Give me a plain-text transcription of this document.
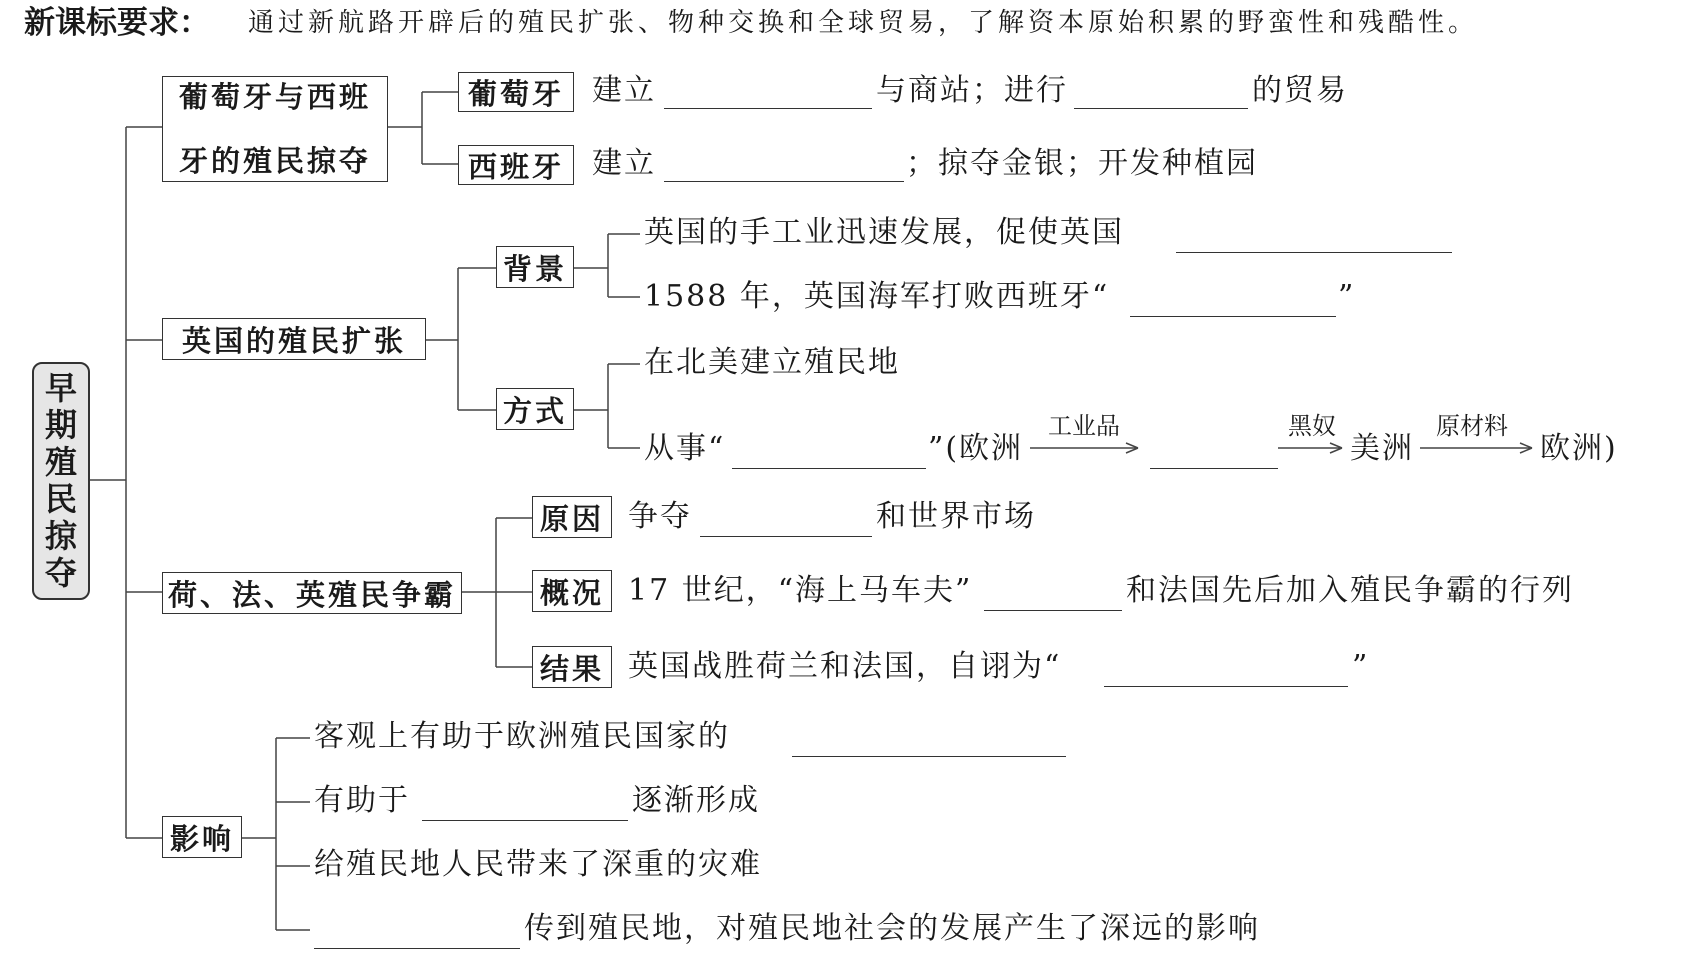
新课标要求： 通过新航路开辟后的殖民扩张、物种交换和全球贸易，了解资本原始积累的野蛮性和残酷性。
早期殖民掠夺
葡萄牙与西班
牙的殖民掠夺
葡萄牙 建立	与商站；进行	的贸易
西班牙 建立	；掠夺金银；开发种植园
英国的殖民扩张
背景
英国的手工业迅速发展，促使英国
1588 年，英国海军打败西班牙“	”
方式
在北美建立殖民地
从事“	”(欧洲
工业品	黑奴
美洲
原材料
欧洲)
荷、法、英殖民争霸
原因 争夺	和世界市场
概况 17 世纪，“海上马车夫”	和法国先后加入殖民争霸的行列
结果 英国战胜荷兰和法国，自诩为“	”
影响
客观上有助于欧洲殖民国家的
有助于	逐渐形成
给殖民地人民带来了深重的灾难
传到殖民地，对殖民地社会的发展产生了深远的影响
